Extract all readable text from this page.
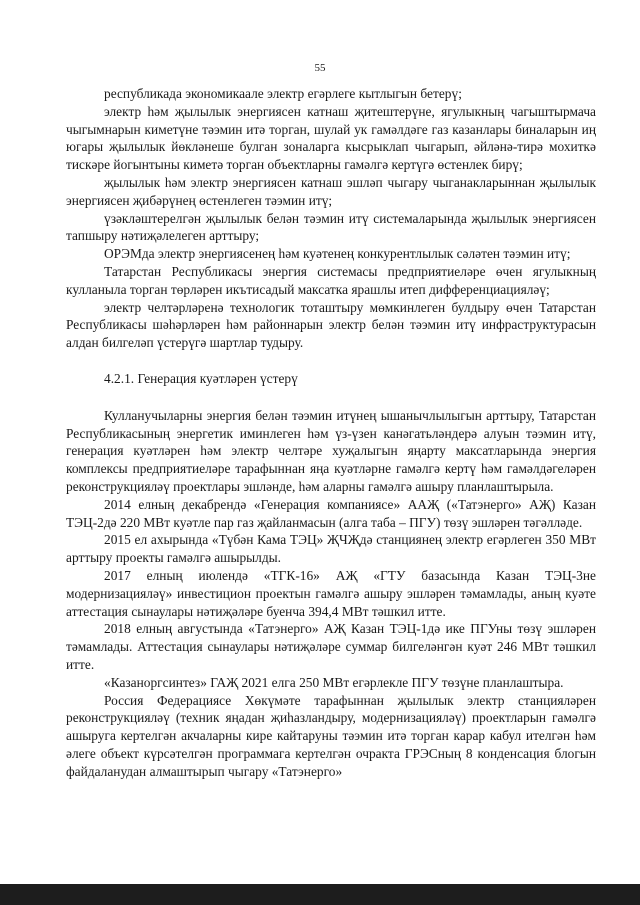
55

республикада экономикаале электр егәрлеге кытлыгын бетерү;

электр һәм җылылык энергиясен катнаш җитештерүне, ягулыкның чагыштырмача чыгымнарын киметүне тәэмин итә торган, шулай ук гамәлдәге газ казанлары биналарын иң югары җылылык йөкләнеше булган зоналарга кысрыклап чыгарып, әйләнә-тирә мохиткә тискәре йогынтыны киметә торган объектларны гамәлгә кертүгә өстенлек бирү;

җылылык һәм электр энергиясен катнаш эшләп чыгару чыганакларыннан җылылык энергиясен җибәрүнең өстенлеген тәэмин итү;

үзәкләштерелгән җылылык белән тәэмин итү системаларында җылылык энергиясен тапшыру нәтиҗәлелеген арттыру;

ОРЭМда электр энергиясенең һәм куәтенең конкурентлылык сәләтен тәэмин итү;

Татарстан Республикасы энергия системасы предприятиеләре өчен ягулыкның кулланыла торган төрләрен икътисадый максатка ярашлы итеп дифференциацияләү;

электр челтәрләренә технологик тоташтыру мөмкинлеген булдыру өчен Татарстан Республикасы шәһәрләрен һәм районнарын электр белән тәэмин итү инфраструктурасын алдан билгеләп үстерүгә шартлар тудыру.

4.2.1. Генерация куәтләрен үстерү

Кулланучыларны энергия белән тәэмин итүнең ышанычлылыгын арттыру, Татарстан Республикасының энергетик иминлеген һәм үз-үзен канәгатьләндерә алуын тәэмин итү, генерация куәтләрен һәм электр челтәре хуҗалыгын яңарту максатларында энергия комплексы предприятиеләре тарафыннан яңа куәтләрне гамәлгә кертү һәм гамәлдәгеләрен реконструкцияләү проектлары эшләнде, һәм аларны гамәлгә ашыру планлаштырыла.

2014 елның декабрендә «Генерация компаниясе» ААҖ («Татэнерго» АҖ) Казан ТЭЦ-2дә 220 МВт куәтле пар газ җайланмасын (алга таба – ПГУ) төзү эшләрен тәгәлләде.

2015 ел ахырында «Түбән Кама ТЭЦ» ҖЧҖдә станциянең электр егәрлеген 350 МВт арттыру проекты гамәлгә ашырылды.

2017 елның июлендә «ТГК-16» АҖ «ГТУ базасында Казан ТЭЦ-3не модернизацияләү» инвестицион проектын гамәлгә ашыру эшләрен тәмамлады, аның куәте аттестация сынаулары нәтиҗәләре буенча 394,4 МВт тәшкил итте.

2018 елның августында «Татэнерго» АҖ Казан ТЭЦ-1дә ике ПГУны төзү эшләрен тәмамлады. Аттестация сынаулары нәтиҗәләре суммар билгеләнгән куәт 246 МВт тәшкил итте.

«Казаноргсинтез» ГАҖ 2021 елга 250 МВт егәрлекле ПГУ төзүне планлаштыра.

Россия Федерациясе Хөкүмәте тарафыннан җылылык электр станцияләрен реконструкцияләү (техник яңадан җиһазландыру, модернизацияләү) проектларын гамәлгә ашыруга кертелгән акчаларны кире кайтаруны тәэмин итә торган карар кабул ителгән һәм әлеге объект күрсәтелгән программага кертелгән очракта ГРЭСның 8 конденсация блогын файдаланудан алмаштырып чыгару «Татэнерго»
